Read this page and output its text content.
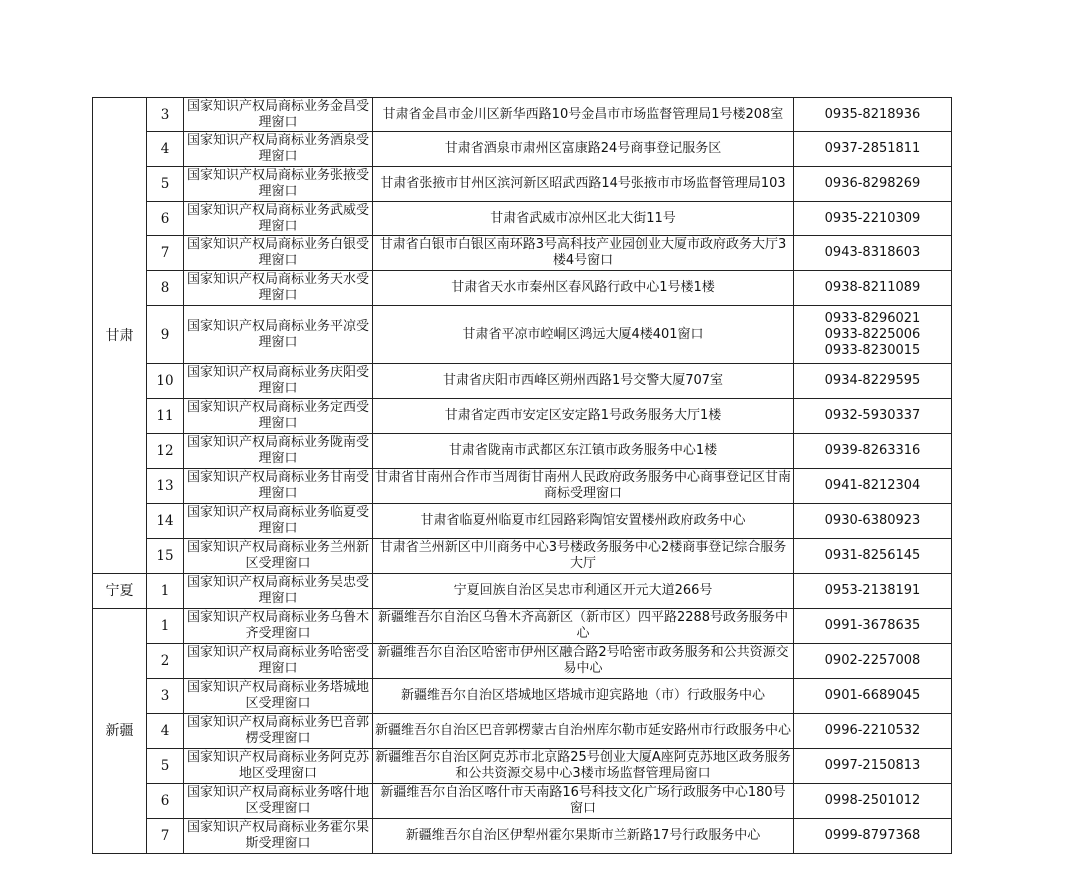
甘肃	3	国家知识产权局商标业务金昌受理窗口	甘肃省金昌市金川区新华西路10号金昌市市场监督管理局1号楼208室	0935-8218936

	4	国家知识产权局商标业务酒泉受理窗口	甘肃省酒泉市肃州区富康路24号商事登记服务区	0937-2851811

	5	国家知识产权局商标业务张掖受理窗口	甘肃省张掖市甘州区滨河新区昭武西路14号张掖市市场监督管理局103	0936-8298269

	6	国家知识产权局商标业务武威受理窗口	甘肃省武威市凉州区北大街11号	0935-2210309

	7	国家知识产权局商标业务白银受理窗口	甘肃省白银市白银区南环路3号高科技产业园创业大厦市政府政务大厅3楼4号窗口	0943-8318603

	8	国家知识产权局商标业务天水受理窗口	甘肃省天水市秦州区春风路行政中心1号楼1楼	0938-8211089

	9	国家知识产权局商标业务平凉受理窗口	甘肃省平凉市崆峒区鸿远大厦4楼401窗口	0933-8296021
0933-8225006
0933-8230015

	10	国家知识产权局商标业务庆阳受理窗口	甘肃省庆阳市西峰区朔州西路1号交警大厦707室	0934-8229595

	11	国家知识产权局商标业务定西受理窗口	甘肃省定西市安定区安定路1号政务服务大厅1楼	0932-5930337

	12	国家知识产权局商标业务陇南受理窗口	甘肃省陇南市武都区东江镇市政务服务中心1楼	0939-8263316

	13	国家知识产权局商标业务甘南受理窗口	甘肃省甘南州合作市当周街甘南州人民政府政务服务中心商事登记区甘南商标受理窗口	0941-8212304

	14	国家知识产权局商标业务临夏受理窗口	甘肃省临夏州临夏市红园路彩陶馆安置楼州政府政务中心	0930-6380923

	15	国家知识产权局商标业务兰州新区受理窗口	甘肃省兰州新区中川商务中心3号楼政务服务中心2楼商事登记综合服务大厅	0931-8256145

宁夏	1	国家知识产权局商标业务吴忠受理窗口	宁夏回族自治区吴忠市利通区开元大道266号	0953-2138191

新疆	1	国家知识产权局商标业务乌鲁木齐受理窗口	新疆维吾尔自治区乌鲁木齐高新区（新市区）四平路2288号政务服务中心	0991-3678635

	2	国家知识产权局商标业务哈密受理窗口	新疆维吾尔自治区哈密市伊州区融合路2号哈密市政务服务和公共资源交易中心	0902-2257008

	3	国家知识产权局商标业务塔城地区受理窗口	新疆维吾尔自治区塔城地区塔城市迎宾路地（市）行政服务中心	0901-6689045

	4	国家知识产权局商标业务巴音郭楞受理窗口	新疆维吾尔自治区巴音郭楞蒙古自治州库尔勒市延安路州市行政服务中心	0996-2210532

	5	国家知识产权局商标业务阿克苏地区受理窗口	新疆维吾尔自治区阿克苏市北京路25号创业大厦A座阿克苏地区政务服务和公共资源交易中心3楼市场监督管理局窗口	0997-2150813

	6	国家知识产权局商标业务喀什地区受理窗口	新疆维吾尔自治区喀什市天南路16号科技文化广场行政服务中心180号窗口	0998-2501012

	7	国家知识产权局商标业务霍尔果斯受理窗口	新疆维吾尔自治区伊犁州霍尔果斯市兰新路17号行政服务中心	0999-8797368
